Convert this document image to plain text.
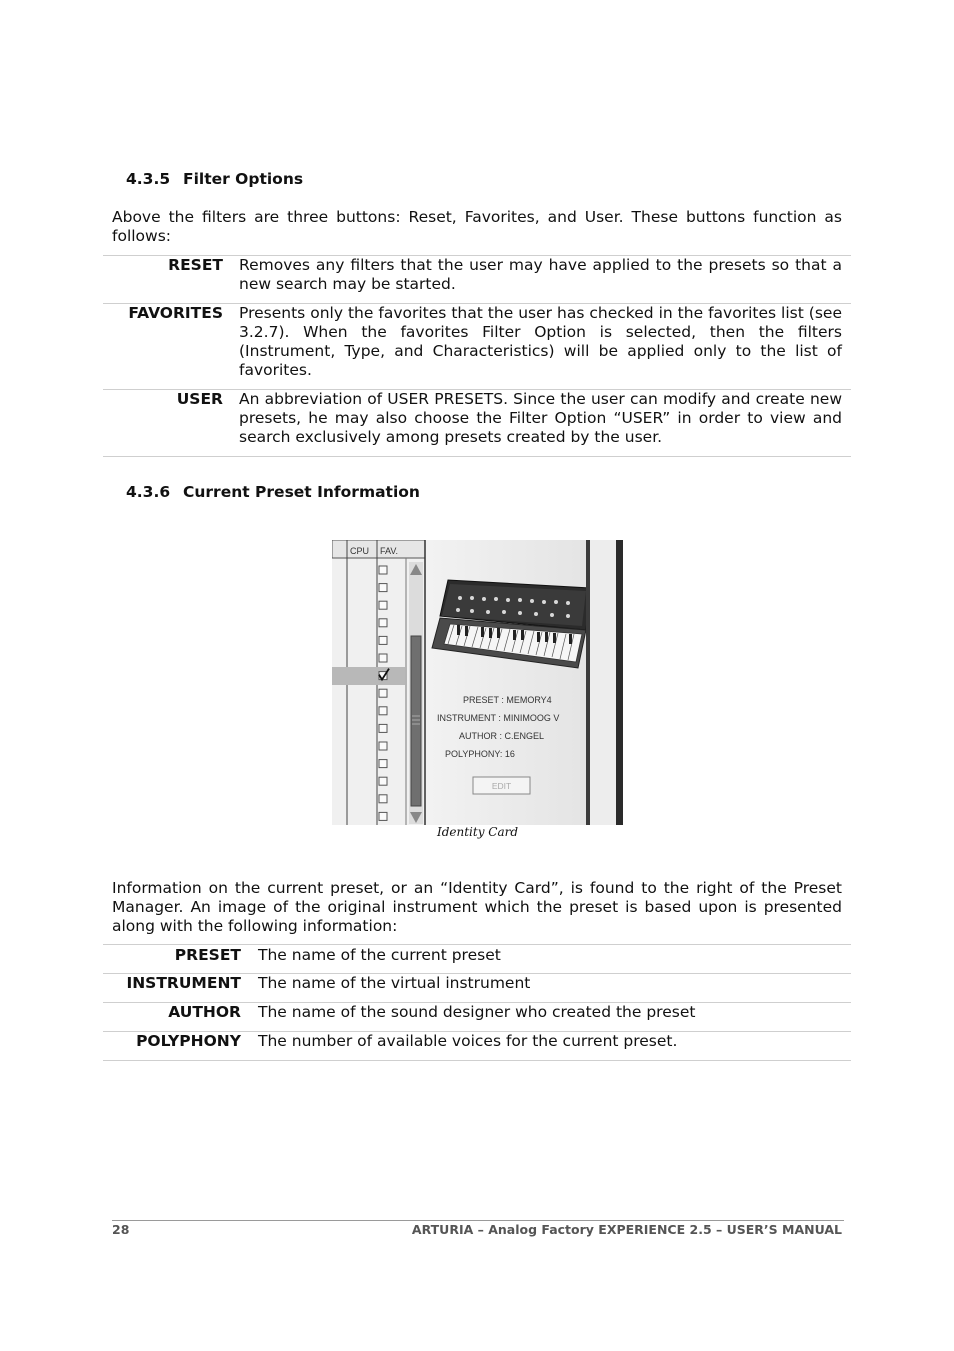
4.3.5 Filter Options
Above the filters are three buttons: Reset, Favorites, and User. These buttons function as follows:
RESET	Removes any filters that the user may have applied to the presets so that a new search may be started.
FAVORITES	Presents only the favorites that the user has checked in the favorites list (see 3.2.7). When the favorites Filter Option is selected, then the filters (Instrument, Type, and Characteristics) will be applied only to the list of favorites.
USER	An abbreviation of USER PRESETS. Since the user can modify and create new presets, he may also choose the Filter Option “USER” in order to view and search exclusively among presets created by the user.
4.3.6 Current Preset Information
CPU FAV.
PRESET : MEMORY4
INSTRUMENT : MINIMOOG V
AUTHOR : C.ENGEL
POLYPHONY: 16
EDIT
Identity Card
Information on the current preset, or an “Identity Card”, is found to the right of the Preset Manager. An image of the original instrument which the preset is based upon is presented along with the following information:
PRESET	The name of the current preset
INSTRUMENT	The name of the virtual instrument
AUTHOR	The name of the sound designer who created the preset
POLYPHONY	The number of available voices for the current preset.
28	ARTURIA – Analog Factory EXPERIENCE 2.5 – USER’S MANUAL
